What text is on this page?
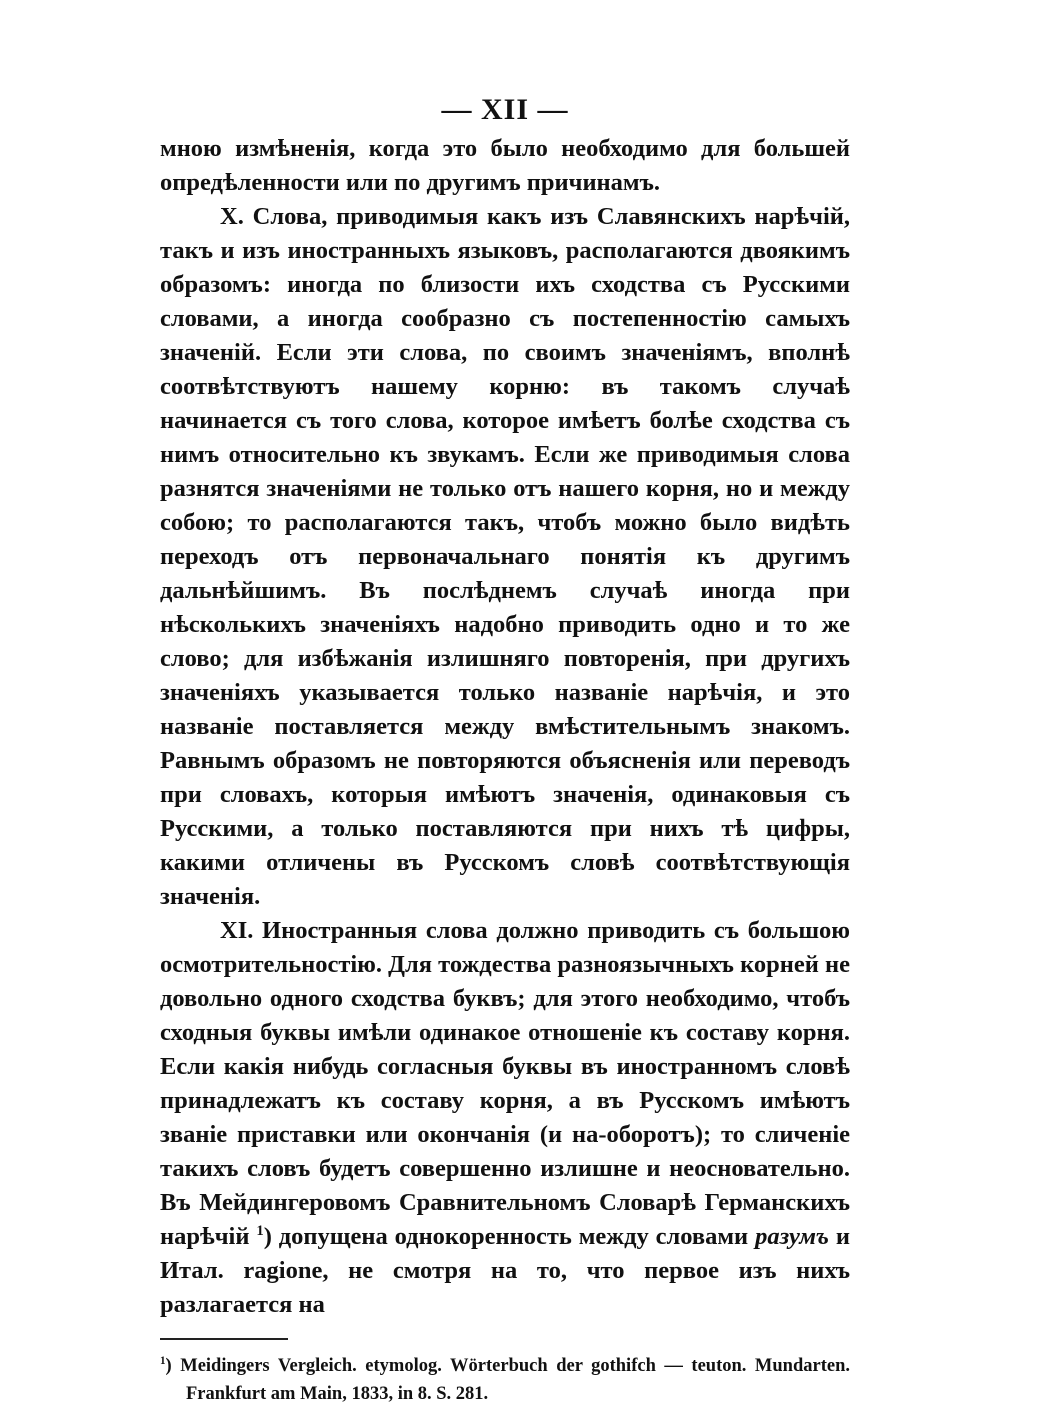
— XII —

мною измѣненія, когда это было необходимо для большей опредѣленности или по другимъ причинамъ.

X. Слова, приводимыя какъ изъ Славянскихъ нарѣчій, такъ и изъ иностранныхъ языковъ, располагаются двоякимъ образомъ: иногда по близости ихъ сходства съ Русскими словами, а иногда сообразно съ постепенностію самыхъ значеній. Если эти слова, по своимъ значеніямъ, вполнѣ соотвѣтствуютъ нашему корню: въ такомъ случаѣ начинается съ того слова, которое имѣетъ болѣе сходства съ нимъ относительно къ звукамъ. Если же приводимыя слова разнятся значеніями не только отъ нашего корня, но и между собою; то располагаются такъ, чтобъ можно было видѣть переходъ отъ первоначальнаго понятія къ другимъ дальнѣйшимъ. Въ послѣднемъ случаѣ иногда при нѣсколькихъ значеніяхъ надобно приводить одно и то же слово; для избѣжанія излишняго повторенія, при другихъ значеніяхъ указывается только названіе нарѣчія, и это названіе поставляется между вмѣстительнымъ знакомъ. Равнымъ образомъ не повторяются объясненія или переводъ при словахъ, которыя имѣютъ значенія, одинаковыя съ Русскими, а только поставляются при нихъ тѣ цифры, какими отличены въ Русскомъ словѣ соотвѣтствующія значенія.

XI. Иностранныя слова должно приводить съ большою осмотрительностію. Для тождества разноязычныхъ корней не довольно одного сходства буквъ; для этого необходимо, чтобъ сходныя буквы имѣли одинакое отношеніе къ составу корня. Если какія нибудь согласныя буквы въ иностранномъ словѣ принадлежатъ къ составу корня, а въ Русскомъ имѣютъ званіе приставки или окончанія (и на-оборотъ); то сличеніе такихъ словъ будетъ совершенно излишне и неосновательно. Въ Мейдингеровомъ Сравнительномъ Словарѣ Германскихъ нарѣчій $^1$) допущена однокоренность между словами разумъ и Итал. ragione, не смотря на то, что первое изъ нихъ разлагается на

$^1$) Meidingers Vergleich. etymolog. Wörterbuch der gothifch — teuton. Mundarten. Frankfurt am Main, 1833, in 8. S. 281.
